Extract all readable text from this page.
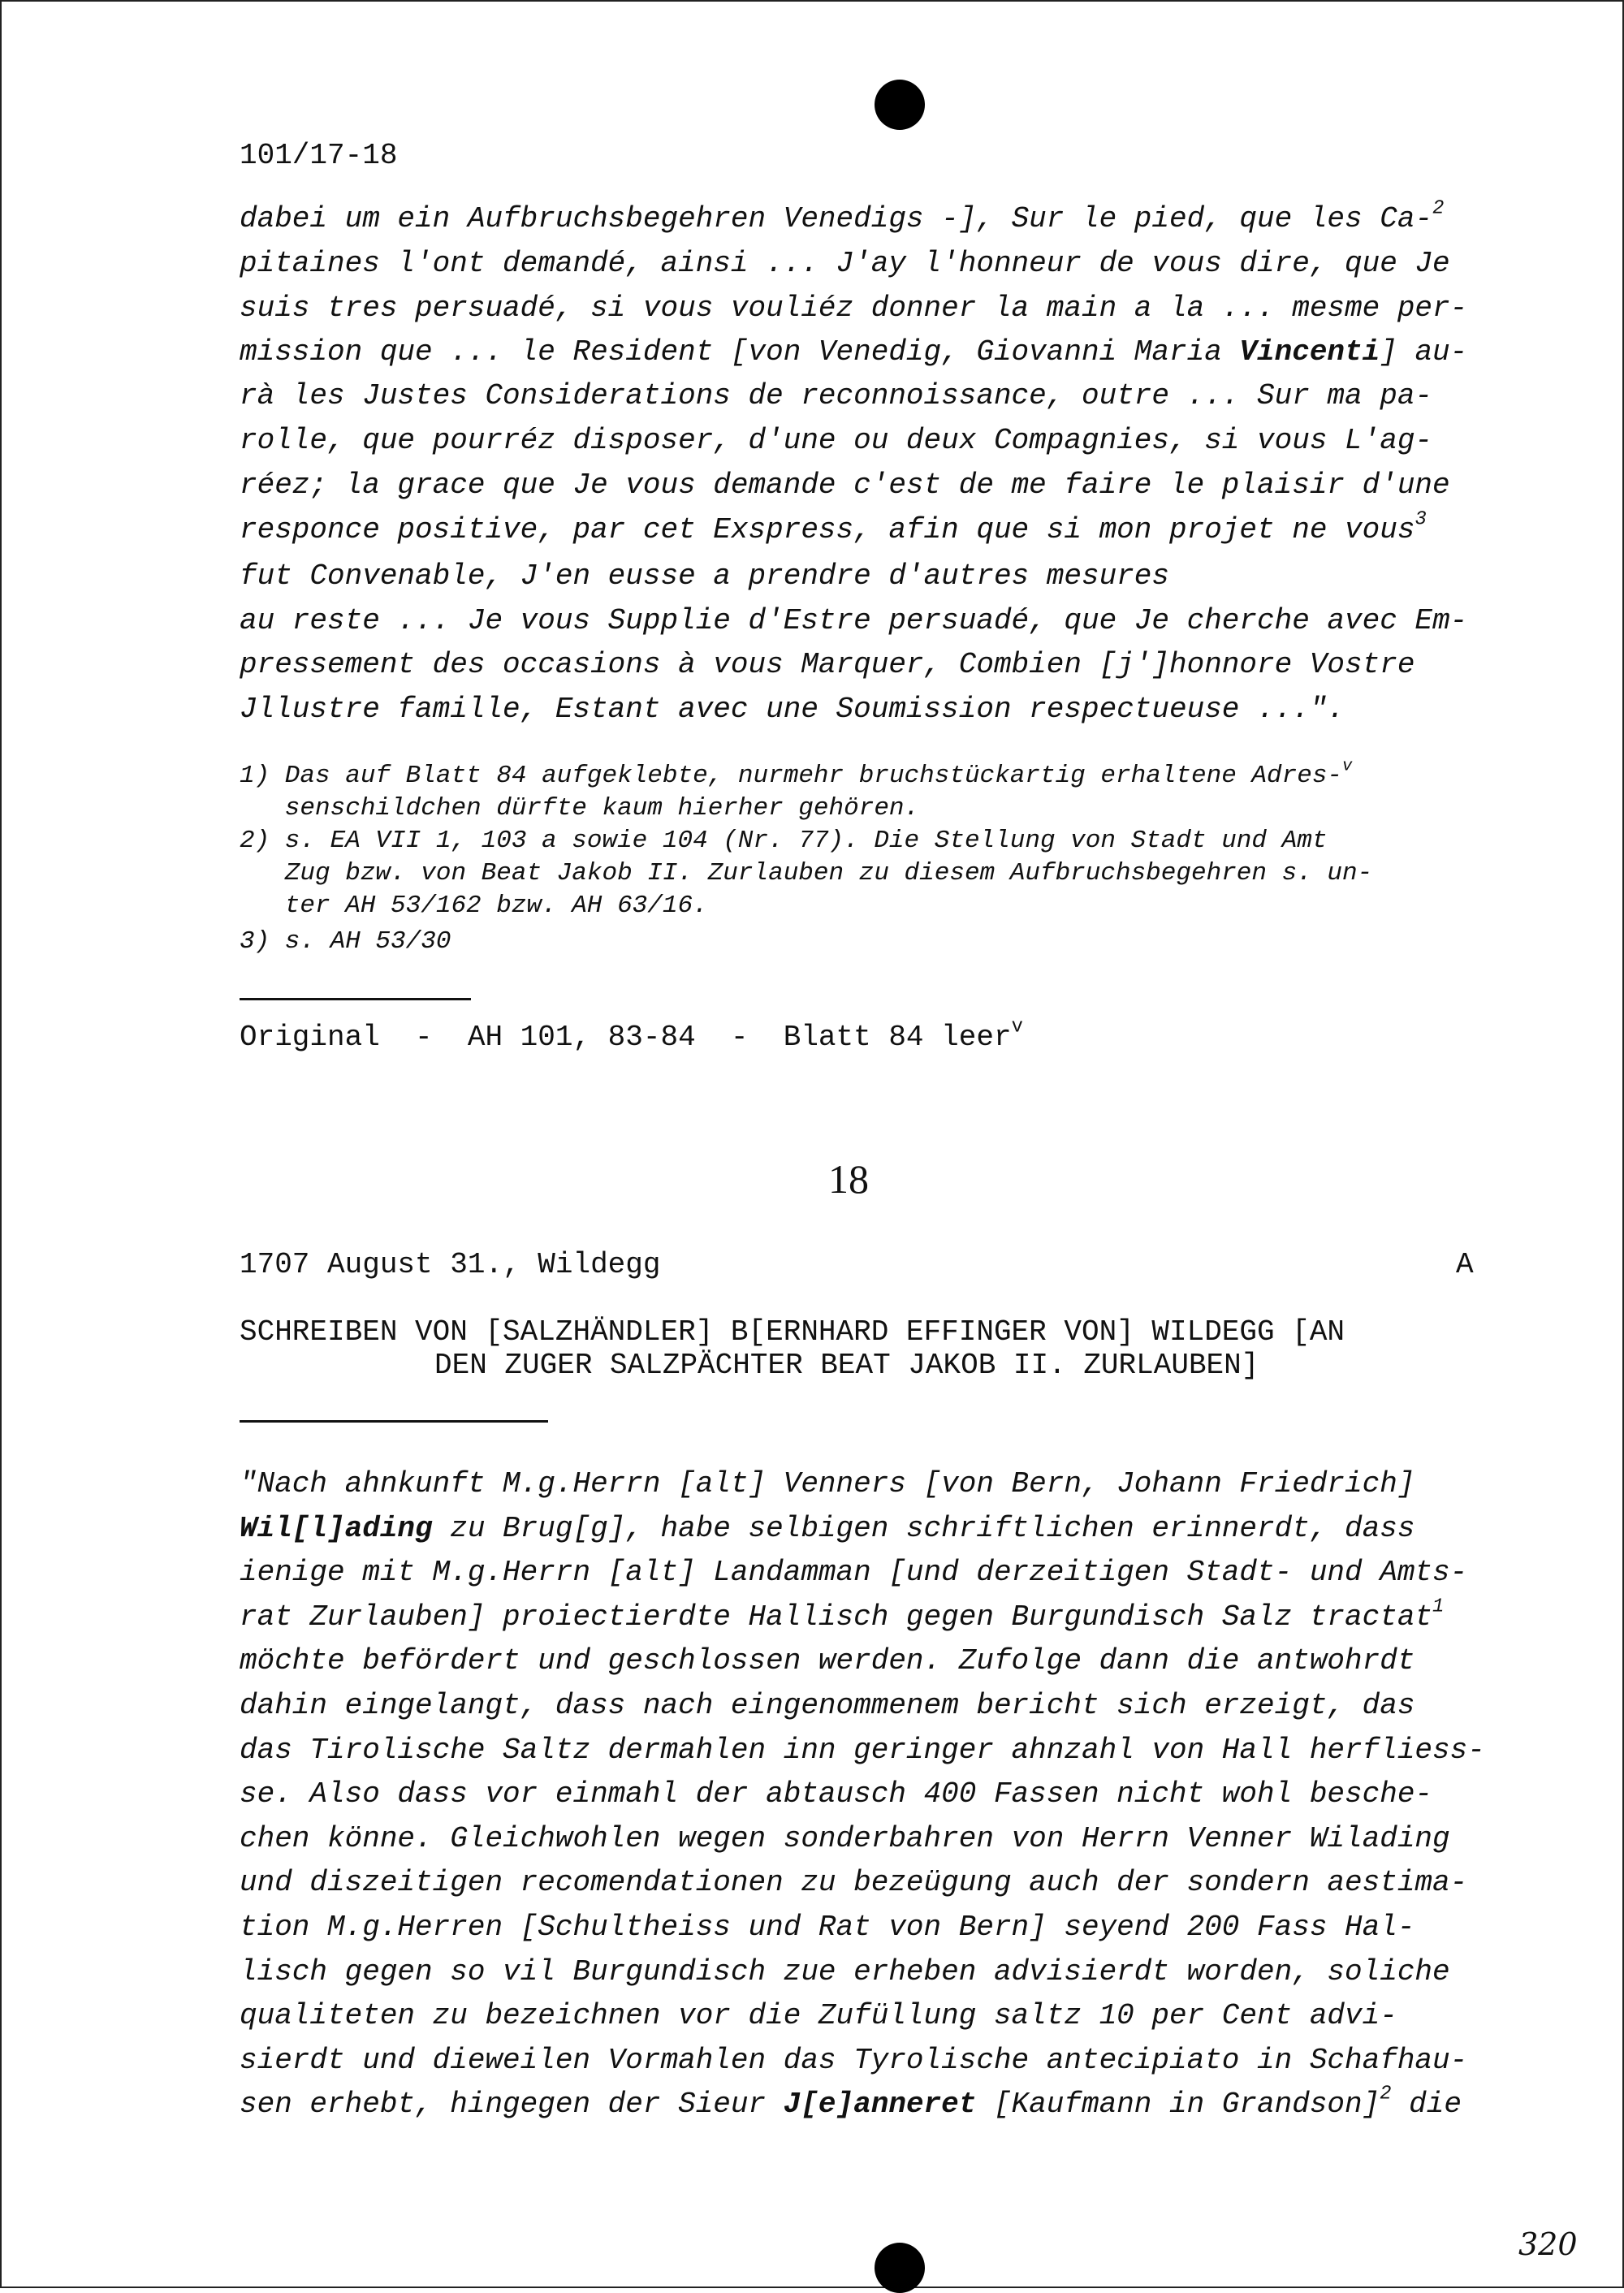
101/17-18
dabei um ein Aufbruchsbegehren Venedigs -], Sur le pied, que les Ca-$^2$
pitaines l'ont demandé, ainsi ... J'ay l'honneur de vous dire, que Je
suis tres persuadé, si vous vouliéz donner la main a la ... mesme per-
mission que ... le Resident [von Venedig, Giovanni Maria Vincenti] au-
rà les Justes Considerations de reconnoissance, outre ... Sur ma pa-
rolle, que pourréz disposer, d'une ou deux Compagnies, si vous L'ag-
réez; la grace que Je vous demande c'est de me faire le plaisir d'une
responce positive, par cet Exspress, afin que si mon projet ne vous$^3$
fut Convenable, J'en eusse a prendre d'autres mesures
au reste ... Je vous Supplie d'Estre persuadé, que Je cherche avec Em-
pressement des occasions à vous Marquer, Combien [j']honnore Vostre
Jllustre famille, Estant avec une Soumission respectueuse ...".
1) Das auf Blatt 84 aufgeklebte, nurmehr bruchstückartig erhaltene Adres-$^v$
senschildchen dürfte kaum hierher gehören.
2) s. EA VII 1, 103 a sowie 104 (Nr. 77). Die Stellung von Stadt und Amt
Zug bzw. von Beat Jakob II. Zurlauben zu diesem Aufbruchsbegehren s. un-
ter AH 53/162 bzw. AH 63/16.
3) s. AH 53/30
Original  -  AH 101, 83-84  -  Blatt 84 leer$^v$
18
1707 August 31., Wildegg	A
SCHREIBEN VON [SALZHÄNDLER] B[ERNHARD EFFINGER VON] WILDEGG [AN
DEN ZUGER SALZPÄCHTER BEAT JAKOB II. ZURLAUBEN]
"Nach ahnkunft M.g.Herrn [alt] Venners [von Bern, Johann Friedrich]
Wil[l]ading zu Brug[g], habe selbigen schriftlichen erinnerdt, dass
ienige mit M.g.Herrn [alt] Landamman [und derzeitigen Stadt- und Amts-
rat Zurlauben] proiectierdte Hallisch gegen Burgundisch Salz tractat$^1$
möchte befördert und geschlossen werden. Zufolge dann die antwohrdt
dahin eingelangt, dass nach eingenommenem bericht sich erzeigt, das
das Tirolische Saltz dermahlen inn geringer ahnzahl von Hall herfliess-
se. Also dass vor einmahl der abtausch 400 Fassen nicht wohl besche-
chen könne. Gleichwohlen wegen sonderbahren von Herrn Venner Wilading
und diszeitigen recomendationen zu bezeügung auch der sondern aestima-
tion M.g.Herren [Schultheiss und Rat von Bern] seyend 200 Fass Hal-
lisch gegen so vil Burgundisch zue erheben advisierdt worden, soliche
qualiteten zu bezeichnen vor die Zufüllung saltz 10 per Cent advi-
sierdt und dieweilen Vormahlen das Tyrolische antecipiato in Schafhau-
sen erhebt, hingegen der Sieur J[e]anneret [Kaufmann in Grandson]$^2$ die
320
